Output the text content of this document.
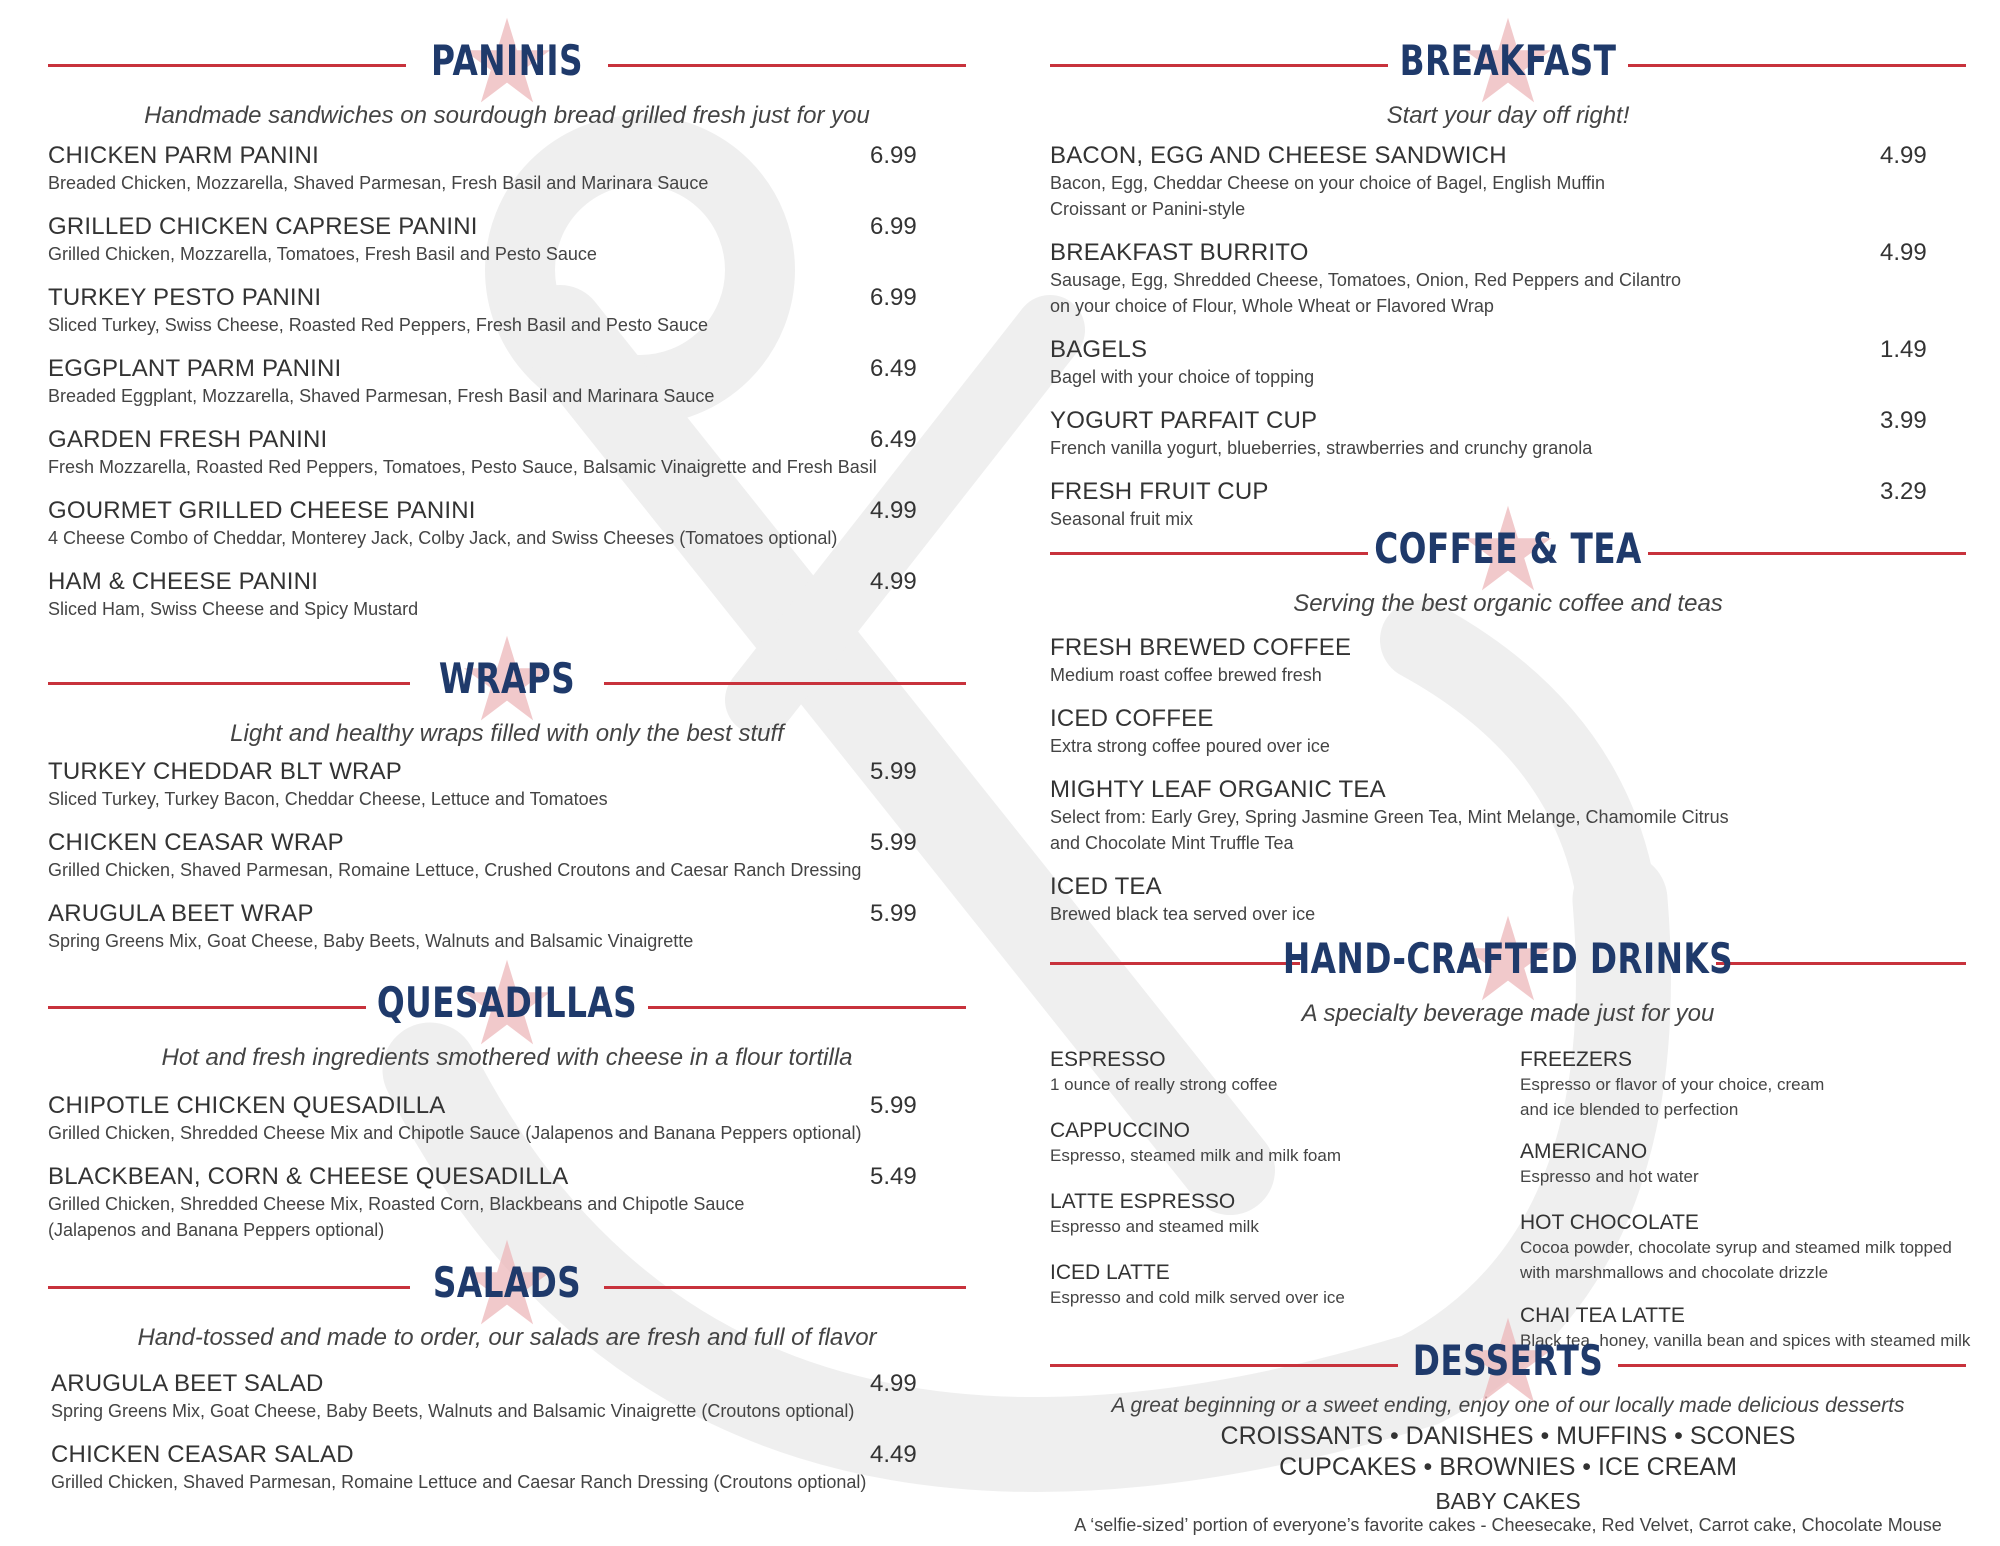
PANINIS
Handmade sandwiches on sourdough bread grilled fresh just for you
CHICKEN PARM PANINI
Breaded Chicken, Mozzarella, Shaved Parmesan, Fresh Basil and Marinara Sauce
6.99
GRILLED CHICKEN CAPRESE PANINI
Grilled Chicken, Mozzarella, Tomatoes, Fresh Basil and Pesto Sauce
6.99
TURKEY PESTO PANINI
Sliced Turkey, Swiss Cheese, Roasted Red Peppers, Fresh Basil and Pesto Sauce
6.99
EGGPLANT PARM PANINI
Breaded Eggplant, Mozzarella, Shaved Parmesan, Fresh Basil and Marinara Sauce
6.49
GARDEN FRESH PANINI
Fresh Mozzarella, Roasted Red Peppers, Tomatoes, Pesto Sauce, Balsamic Vinaigrette and Fresh Basil
6.49
GOURMET GRILLED CHEESE PANINI
4 Cheese Combo of Cheddar, Monterey Jack, Colby Jack, and Swiss Cheeses (Tomatoes optional)
4.99
HAM & CHEESE PANINI
Sliced Ham, Swiss Cheese and Spicy Mustard
4.99
WRAPS
Light and healthy wraps filled with only the best stuff
TURKEY CHEDDAR BLT WRAP
Sliced Turkey, Turkey Bacon, Cheddar Cheese, Lettuce and Tomatoes
5.99
CHICKEN CEASAR WRAP
Grilled Chicken, Shaved Parmesan, Romaine Lettuce, Crushed Croutons and Caesar Ranch Dressing
5.99
ARUGULA BEET WRAP
Spring Greens Mix, Goat Cheese, Baby Beets, Walnuts and Balsamic Vinaigrette
5.99
QUESADILLAS
Hot and fresh ingredients smothered with cheese in a flour tortilla
CHIPOTLE CHICKEN QUESADILLA
Grilled Chicken, Shredded Cheese Mix and Chipotle Sauce (Jalapenos and Banana Peppers optional)
5.99
BLACKBEAN, CORN & CHEESE QUESADILLA
Grilled Chicken, Shredded Cheese Mix, Roasted Corn, Blackbeans and Chipotle Sauce
(Jalapenos and Banana Peppers optional)
5.49
SALADS
Hand-tossed and made to order, our salads are fresh and full of flavor
ARUGULA BEET SALAD
Spring Greens Mix, Goat Cheese, Baby Beets, Walnuts and Balsamic Vinaigrette (Croutons optional)
4.99
CHICKEN CEASAR SALAD
Grilled Chicken, Shaved Parmesan, Romaine Lettuce and Caesar Ranch Dressing (Croutons optional)
4.49
BREAKFAST
Start your day off right!
BACON, EGG AND CHEESE SANDWICH
Bacon, Egg, Cheddar Cheese on your choice of Bagel, English Muffin
Croissant or Panini-style
4.99
BREAKFAST BURRITO
Sausage, Egg, Shredded Cheese, Tomatoes, Onion, Red Peppers and Cilantro
on your choice of Flour, Whole Wheat or Flavored Wrap
4.99
BAGELS
Bagel with your choice of topping
1.49
YOGURT PARFAIT CUP
French vanilla yogurt, blueberries, strawberries and crunchy granola
3.99
FRESH FRUIT CUP
Seasonal fruit mix
3.29
COFFEE & TEA
Serving the best organic coffee and teas
FRESH BREWED COFFEE
Medium roast coffee brewed fresh
ICED COFFEE
Extra strong coffee poured over ice
MIGHTY LEAF ORGANIC TEA
Select from: Early Grey, Spring Jasmine Green Tea, Mint Melange, Chamomile Citrus
and Chocolate Mint Truffle Tea
ICED TEA
Brewed black tea served over ice
HAND-CRAFTED DRINKS
A specialty beverage made just for you
ESPRESSO
1 ounce of really strong coffee
CAPPUCCINO
Espresso, steamed milk and milk foam
LATTE ESPRESSO
Espresso and steamed milk
ICED LATTE
Espresso and cold milk served over ice
FREEZERS
Espresso or flavor of your choice, cream
and ice blended to perfection
AMERICANO
Espresso and hot water
HOT CHOCOLATE
Cocoa powder, chocolate syrup and steamed milk topped
with marshmallows and chocolate drizzle
CHAI TEA LATTE
Black tea, honey, vanilla bean and spices with steamed milk
DESSERTS
A great beginning or a sweet ending, enjoy one of our locally made delicious desserts
CROISSANTS • DANISHES • MUFFINS • SCONES
CUPCAKES • BROWNIES • ICE CREAM
BABY CAKES
A ‘selfie-sized’ portion of everyone’s favorite cakes - Cheesecake, Red Velvet, Carrot cake, Chocolate Mouse
